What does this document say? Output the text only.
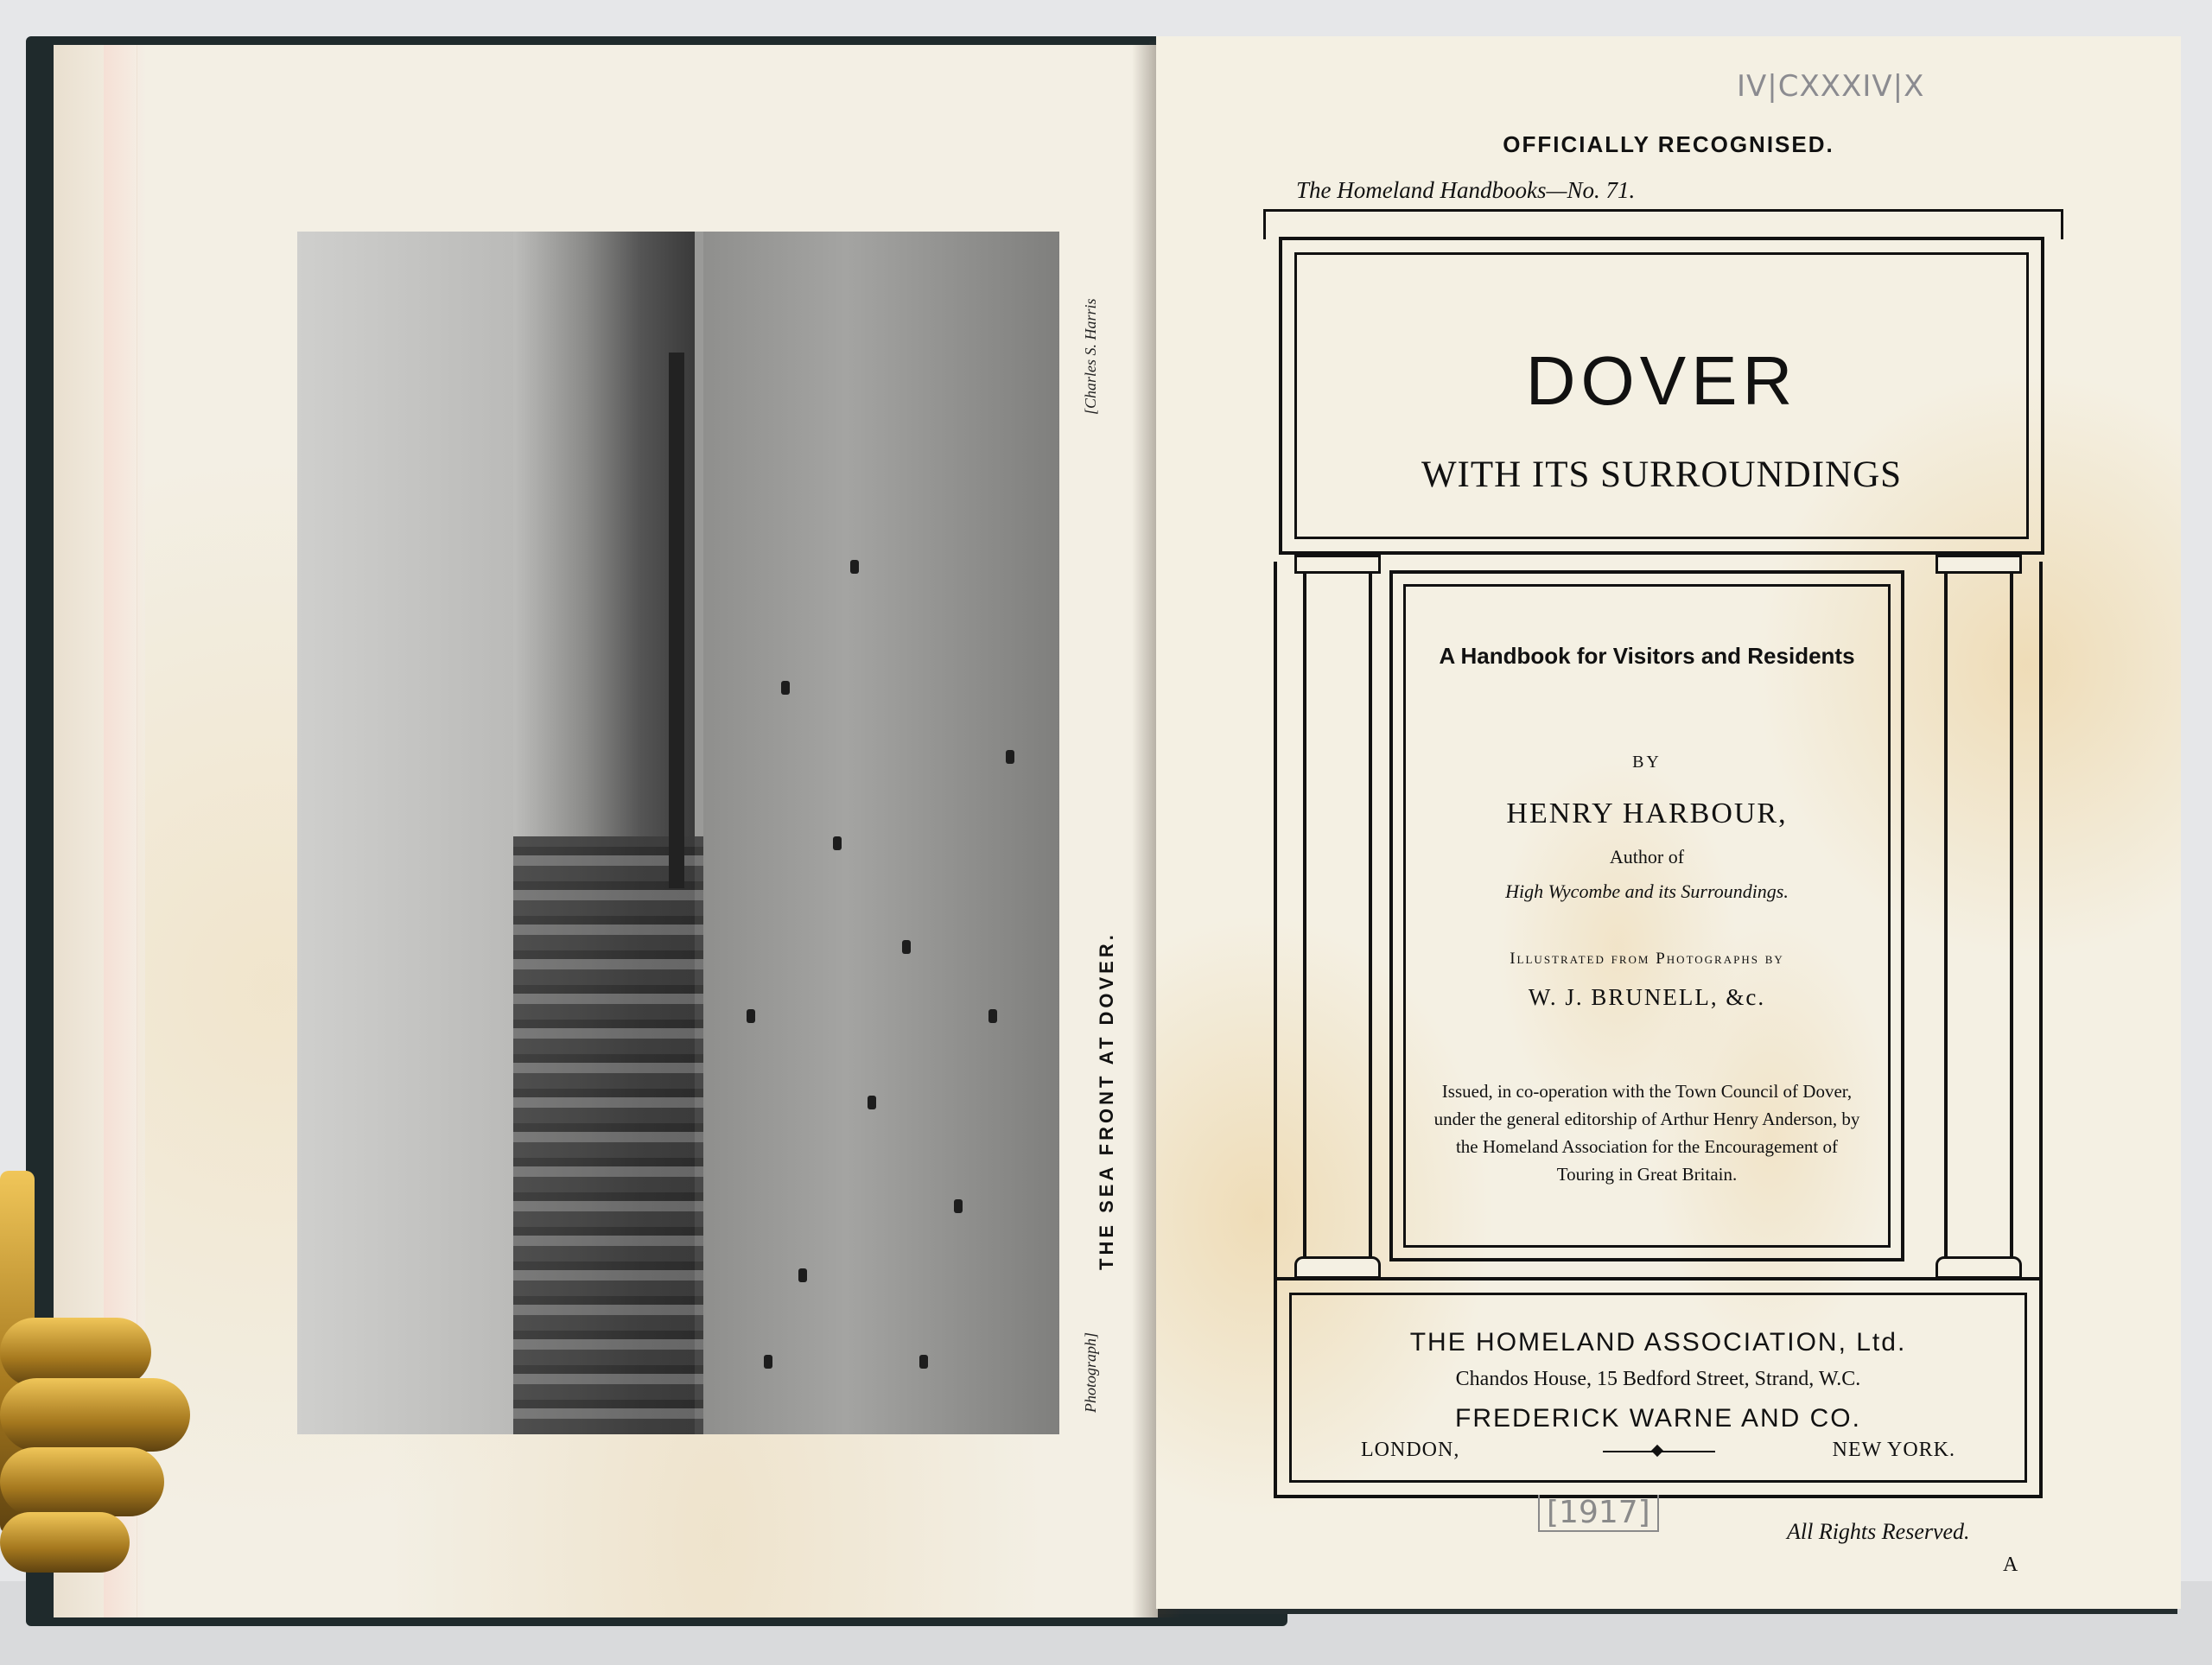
[Charles S. Harris
THE SEA FRONT AT DOVER.
Photograph]
IV|CXXXIV|X
OFFICIALLY RECOGNISED.
The Homeland Handbooks—No. 71.
DOVER
WITH ITS SURROUNDINGS
A Handbook for Visitors and Residents
BY
HENRY HARBOUR,
Author of
High Wycombe and its Surroundings.
Illustrated from Photographs by
W. J. BRUNELL, &c.
Issued, in co-operation with the Town Council of Dover, under the general editorship of Arthur Henry Anderson, by the Homeland Association for the Encouragement of Touring in Great Britain.
THE HOMELAND ASSOCIATION, Ltd.
Chandos House, 15 Bedford Street, Strand, W.C.
FREDERICK WARNE AND CO.
LONDON,	NEW YORK.
[1917]
All Rights Reserved.
A
